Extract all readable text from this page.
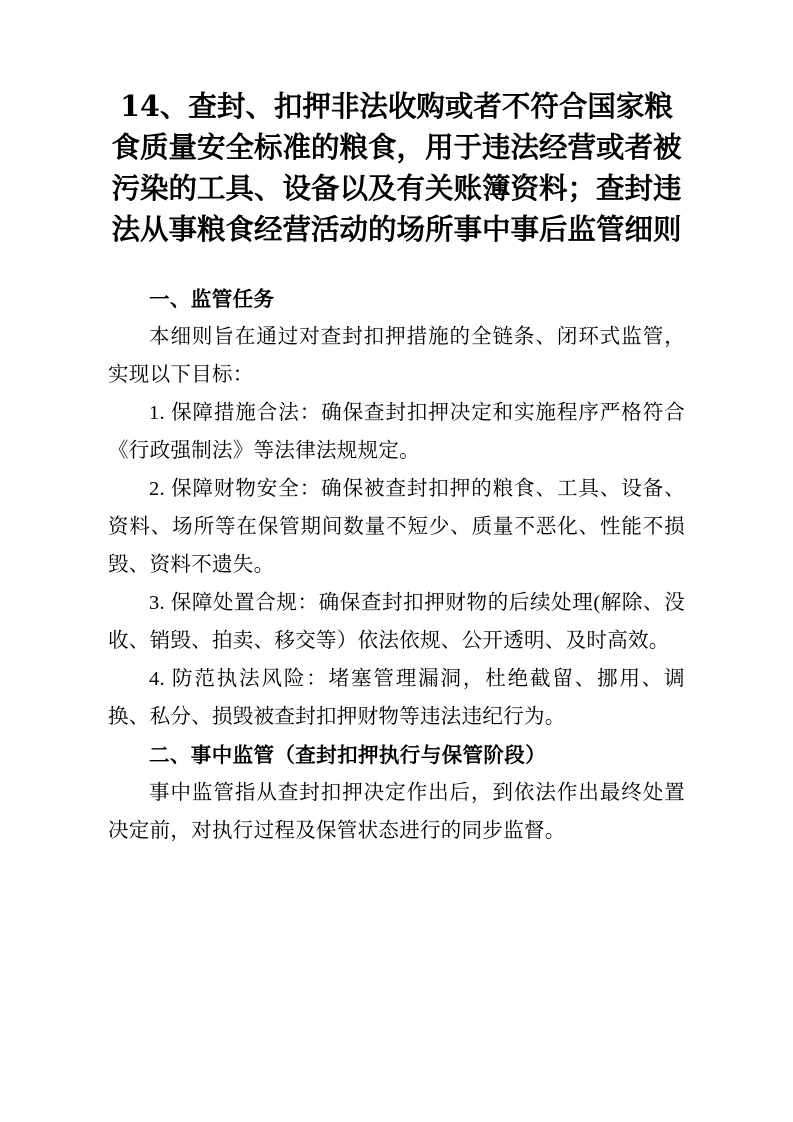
14、查封、扣押非法收购或者不符合国家粮食质量安全标准的粮食，用于违法经营或者被污染的工具、设备以及有关账簿资料；查封违法从事粮食经营活动的场所事中事后监管细则

一、监管任务

本细则旨在通过对查封扣押措施的全链条、闭环式监管，实现以下目标：

1. 保障措施合法：确保查封扣押决定和实施程序严格符合《行政强制法》等法律法规规定。

2. 保障财物安全：确保被查封扣押的粮食、工具、设备、资料、场所等在保管期间数量不短少、质量不恶化、性能不损毁、资料不遗失。

3. 保障处置合规：确保查封扣押财物的后续处理(解除、没收、销毁、拍卖、移交等）依法依规、公开透明、及时高效。

4. 防范执法风险：堵塞管理漏洞，杜绝截留、挪用、调换、私分、损毁被查封扣押财物等违法违纪行为。

二、事中监管（查封扣押执行与保管阶段）

事中监管指从查封扣押决定作出后，到依法作出最终处置决定前，对执行过程及保管状态进行的同步监督。
